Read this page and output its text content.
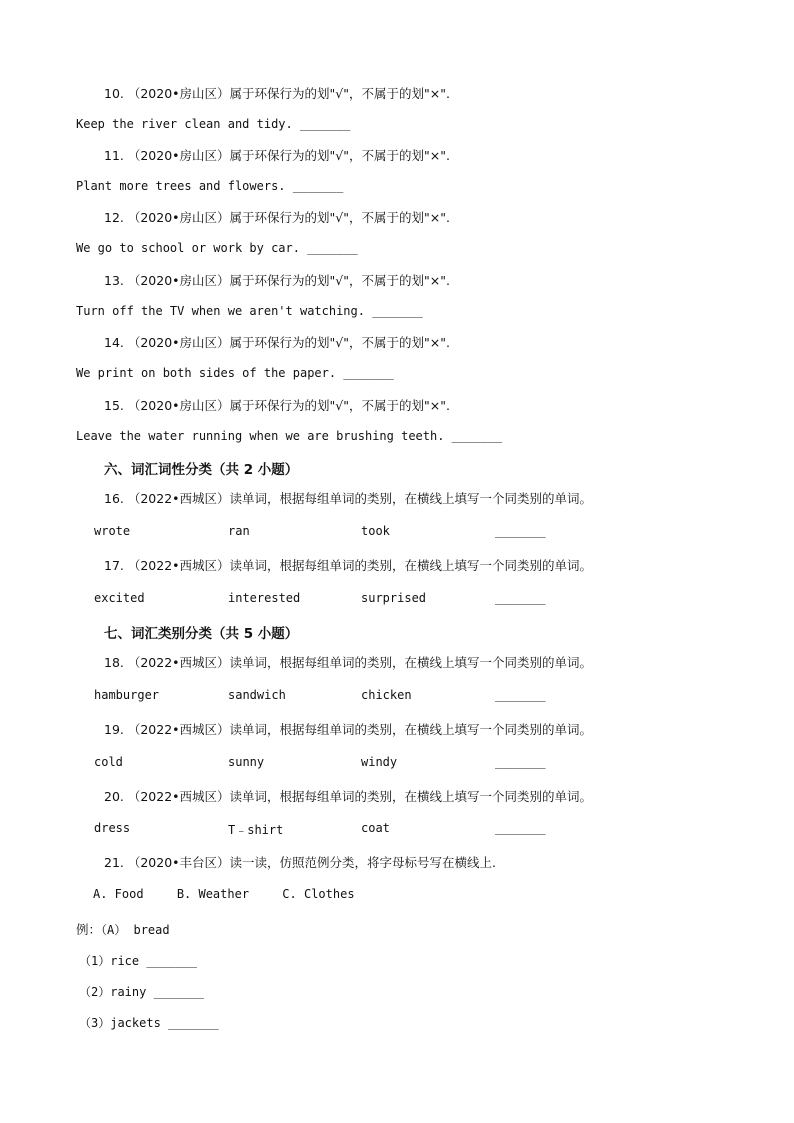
10. （2020•房山区）属于环保行为的划"√"，不属于的划"×".
Keep the river clean and tidy. _______
11. （2020•房山区）属于环保行为的划"√"，不属于的划"×".
Plant more trees and flowers. _______
12. （2020•房山区）属于环保行为的划"√"，不属于的划"×".
We go to school or work by car. _______
13. （2020•房山区）属于环保行为的划"√"，不属于的划"×".
Turn off the TV when we aren't watching. _______
14. （2020•房山区）属于环保行为的划"√"，不属于的划"×".
We print on both sides of the paper. _______
15. （2020•房山区）属于环保行为的划"√"，不属于的划"×".
Leave the water running when we are brushing teeth. _______
六、词汇词性分类（共 2 小题）
16. （2022•西城区）读单词，根据每组单词的类别，在横线上填写一个同类别的单词。
wrote	ran	took	_______
17. （2022•西城区）读单词，根据每组单词的类别，在横线上填写一个同类别的单词。
excited	interested	surprised	_______
七、词汇类别分类（共 5 小题）
18. （2022•西城区）读单词，根据每组单词的类别，在横线上填写一个同类别的单词。
hamburger	sandwich	chicken	_______
19. （2022•西城区）读单词，根据每组单词的类别，在横线上填写一个同类别的单词。
cold	sunny	windy	_______
20. （2022•西城区）读单词，根据每组单词的类别，在横线上填写一个同类别的单词。
dress	T﹣shirt	coat	_______
21. （2020•丰台区）读一读，仿照范例分类，将字母标号写在横线上.
A. Food	B. Weather	C. Clothes
例：（A） bread
（1）rice _______
（2）rainy _______
（3）jackets _______
